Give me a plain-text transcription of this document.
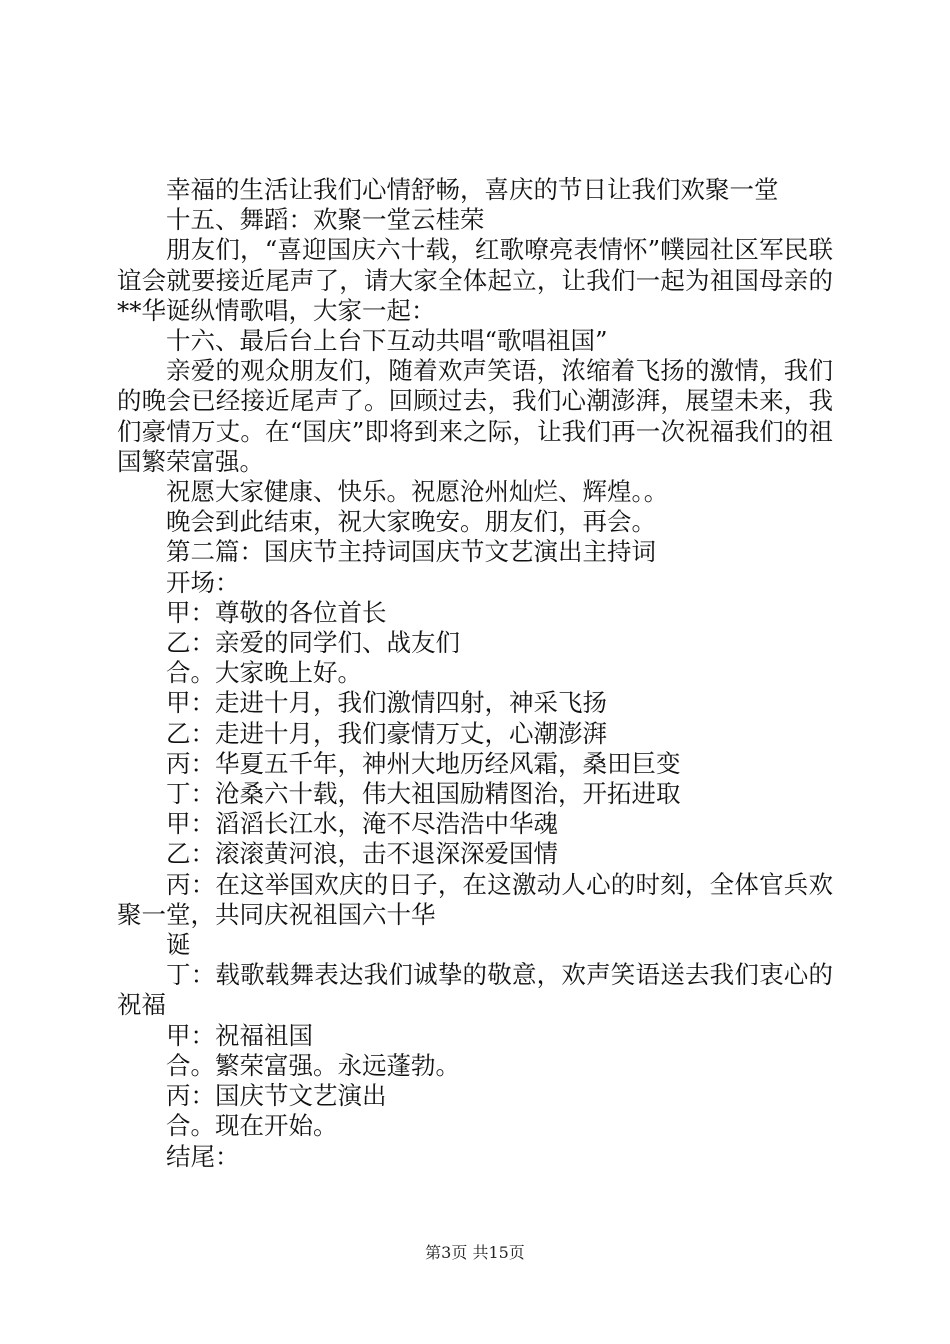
幸福的生活让我们心情舒畅，喜庆的节日让我们欢聚一堂

十五、舞蹈：欢聚一堂云桂荣

朋友们，“喜迎国庆六十载，红歌嘹亮表情怀”幞园社区军民联谊会就要接近尾声了，请大家全体起立，让我们一起为祖国母亲的**华诞纵情歌唱，大家一起：

十六、最后台上台下互动共唱“歌唱祖国”

亲爱的观众朋友们，随着欢声笑语，浓缩着飞扬的激情，我们的晚会已经接近尾声了。回顾过去，我们心潮澎湃，展望未来，我们豪情万丈。在“国庆”即将到来之际，让我们再一次祝福我们的祖国繁荣富强。

祝愿大家健康、快乐。祝愿沧州灿烂、辉煌。。

晚会到此结束，祝大家晚安。朋友们，再会。

第二篇：国庆节主持词国庆节文艺演出主持词

开场：

甲：尊敬的各位首长

乙：亲爱的同学们、战友们

合。大家晚上好。

甲：走进十月，我们激情四射，神采飞扬

乙：走进十月，我们豪情万丈，心潮澎湃

丙：华夏五千年，神州大地历经风霜，桑田巨变

丁：沧桑六十载，伟大祖国励精图治，开拓进取

甲：滔滔长江水，淹不尽浩浩中华魂

乙：滚滚黄河浪，击不退深深爱国情

丙：在这举国欢庆的日子，在这激动人心的时刻，全体官兵欢聚一堂，共同庆祝祖国六十华

诞

丁：载歌载舞表达我们诚挚的敬意，欢声笑语送去我们衷心的祝福

甲：祝福祖国

合。繁荣富强。永远蓬勃。

丙：国庆节文艺演出

合。现在开始。

结尾：

第3页 共15页
